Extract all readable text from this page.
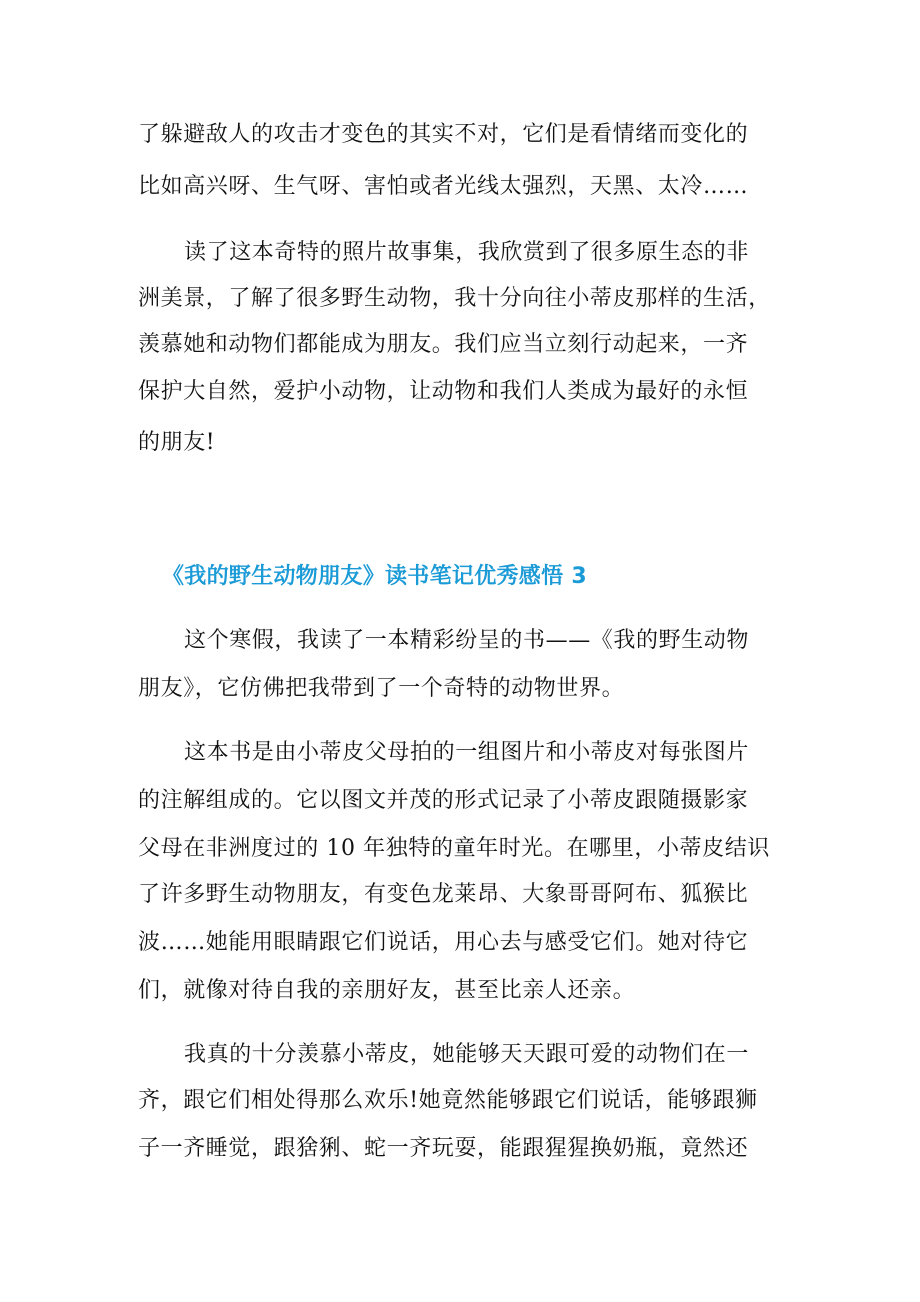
了躲避敌人的攻击才变色的其实不对，它们是看情绪而变化的
比如高兴呀、生气呀、害怕或者光线太强烈，天黑、太冷……
读了这本奇特的照片故事集，我欣赏到了很多原生态的非
洲美景，了解了很多野生动物，我十分向往小蒂皮那样的生活，
羡慕她和动物们都能成为朋友。我们应当立刻行动起来，一齐
保护大自然，爱护小动物，让动物和我们人类成为最好的永恒
的朋友!
《我的野生动物朋友》读书笔记优秀感悟 3
这个寒假，我读了一本精彩纷呈的书——《我的野生动物
朋友》，它仿佛把我带到了一个奇特的动物世界。
这本书是由小蒂皮父母拍的一组图片和小蒂皮对每张图片
的注解组成的。它以图文并茂的形式记录了小蒂皮跟随摄影家
父母在非洲度过的 10 年独特的童年时光。在哪里，小蒂皮结识
了许多野生动物朋友，有变色龙莱昂、大象哥哥阿布、狐猴比
波……她能用眼睛跟它们说话，用心去与感受它们。她对待它
们，就像对待自我的亲朋好友，甚至比亲人还亲。
我真的十分羡慕小蒂皮，她能够天天跟可爱的动物们在一
齐，跟它们相处得那么欢乐!她竟然能够跟它们说话，能够跟狮
子一齐睡觉，跟猞猁、蛇一齐玩耍，能跟猩猩换奶瓶，竟然还
